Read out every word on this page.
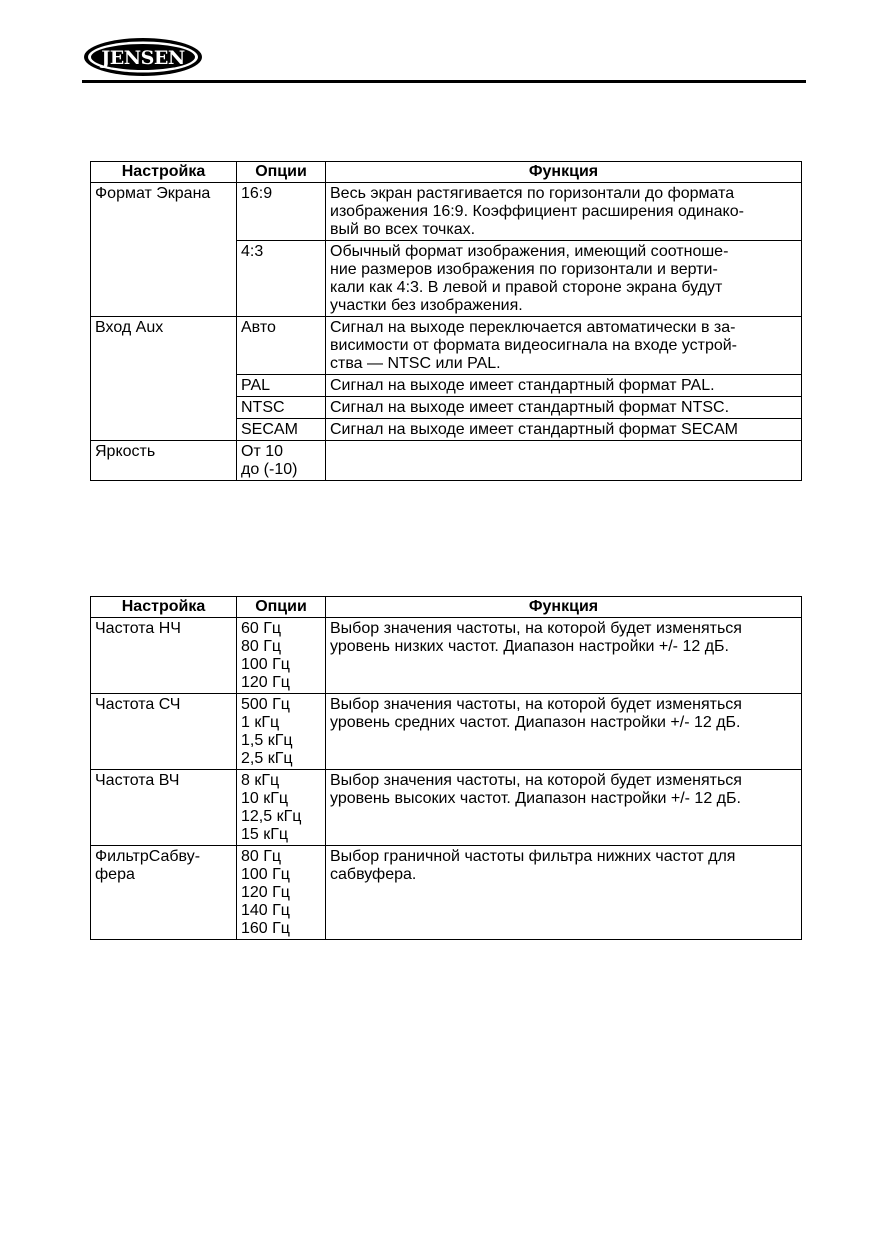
JENSEN
Настройка	Опции	Функция
Формат Экрана	16:9	Весь экран растягивается по горизонтали до формата
изображения 16:9. Коэффициент расширения одинако-
вый во всех точках.
	4:3	Обычный формат изображения, имеющий соотноше-
ние размеров изображения по горизонтали и верти-
кали как 4:3. В левой и правой стороне экрана будут
участки без изображения.
Вход Aux	Авто	Сигнал на выходе переключается автоматически в за-
висимости от формата видеосигнала на входе устрой-
ства — NTSC или PAL.
	PAL	Сигнал на выходе имеет стандартный формат PAL.
	NTSC	Сигнал на выходе имеет стандартный формат NTSC.
	SECAM	Сигнал на выходе имеет стандартный формат SECAM
Яркость	От 10
до (-10)	
Настройка	Опции	Функция
Частота НЧ	60 Гц
80 Гц
100 Гц
120 Гц	Выбор значения частоты, на которой будет изменяться
уровень низких частот. Диапазон настройки +/- 12 дБ.
Частота СЧ	500 Гц
1 кГц
1,5 кГц
2,5 кГц	Выбор значения частоты, на которой будет изменяться
уровень средних частот. Диапазон настройки +/- 12 дБ.
Частота ВЧ	8 кГц
10 кГц
12,5 кГц
15 кГц	Выбор значения частоты, на которой будет изменяться
уровень высоких частот. Диапазон настройки +/- 12 дБ.
ФильтрСабву-
фера	80 Гц
100 Гц
120 Гц
140 Гц
160 Гц	Выбор граничной частоты фильтра нижних частот для
сабвуфера.
